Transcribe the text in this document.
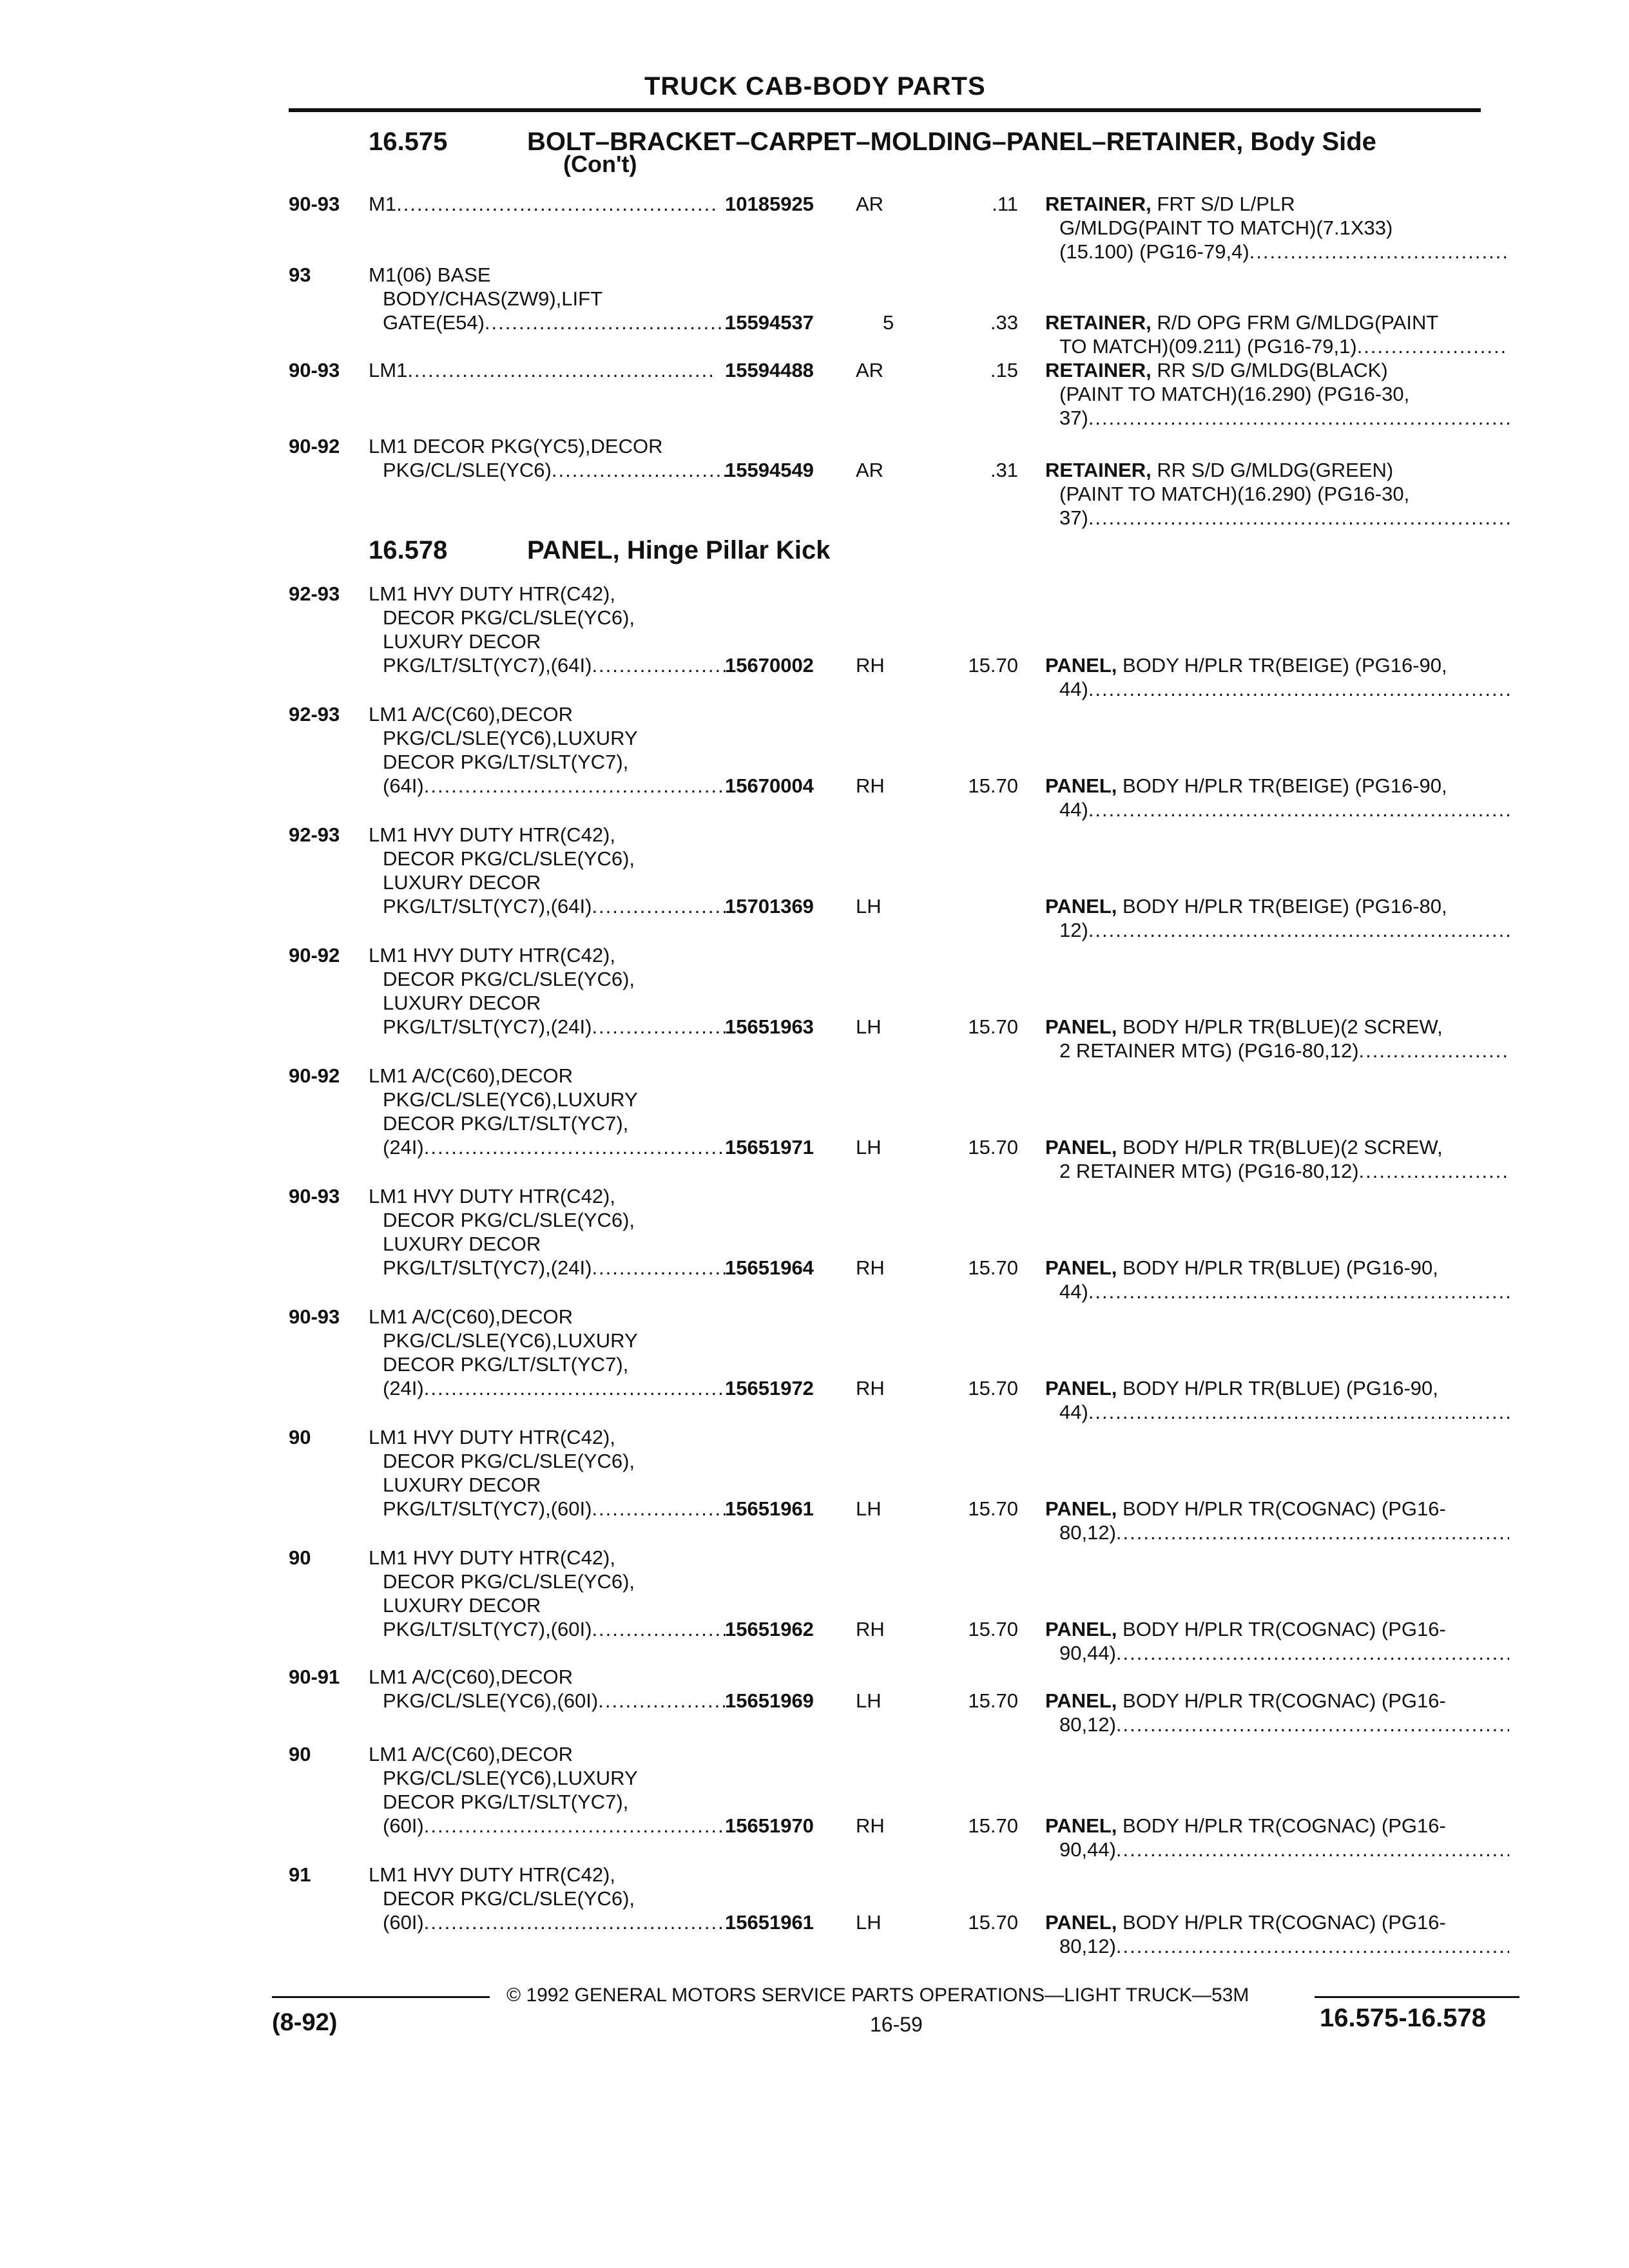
TRUCK CAB-BODY PARTS
16.575	BOLT–BRACKET–CARPET–MOLDING–PANEL–RETAINER, Body Side
(Con't)
16.578	PANEL, Hinge Pillar Kick
90-93 M1 .....	10185925 AR	.11 RETAINER, FRT S/D L/PLR
G/MLDG(PAINT TO MATCH)(7.1X33)
(15.100) (PG16-79,4)
.....
93	M1(06) BASE
BODY/CHAS(ZW9),LIFT
GATE(E54) .....	15594537	5	.33 RETAINER, R/D OPG FRM G/MLDG(PAINT
TO MATCH)(09.211) (PG16-79,1)
.....
90-93 LM1 .....	15594488 AR	.15 RETAINER, RR S/D G/MLDG(BLACK)
(PAINT TO MATCH)(16.290) (PG16-30,
37)
.....
90-92 LM1 DECOR PKG(YC5),DECOR
PKG/CL/SLE(YC6) .....	15594549 AR	.31 RETAINER, RR S/D G/MLDG(GREEN)
(PAINT TO MATCH)(16.290) (PG16-30,
37)
.....
92-93 LM1 HVY DUTY HTR(C42),
DECOR PKG/CL/SLE(YC6),
LUXURY DECOR
PKG/LT/SLT(YC7),(64I) .....	15670002 RH	15.70 PANEL, BODY H/PLR TR(BEIGE) (PG16-90,
44)
.....
92-93 LM1 A/C(C60),DECOR
PKG/CL/SLE(YC6),LUXURY
DECOR PKG/LT/SLT(YC7),
(64I) .....	15670004 RH	15.70 PANEL, BODY H/PLR TR(BEIGE) (PG16-90,
44)
.....
92-93 LM1 HVY DUTY HTR(C42),
DECOR PKG/CL/SLE(YC6),
LUXURY DECOR
PKG/LT/SLT(YC7),(64I) .....	15701369 LH	PANEL, BODY H/PLR TR(BEIGE) (PG16-80,
12)
.....
90-92 LM1 HVY DUTY HTR(C42),
DECOR PKG/CL/SLE(YC6),
LUXURY DECOR
PKG/LT/SLT(YC7),(24I) .....	15651963 LH	15.70 PANEL, BODY H/PLR TR(BLUE)(2 SCREW,
2 RETAINER MTG) (PG16-80,12)
.....
90-92 LM1 A/C(C60),DECOR
PKG/CL/SLE(YC6),LUXURY
DECOR PKG/LT/SLT(YC7),
(24I) .....	15651971 LH	15.70 PANEL, BODY H/PLR TR(BLUE)(2 SCREW,
2 RETAINER MTG) (PG16-80,12)
.....
90-93 LM1 HVY DUTY HTR(C42),
DECOR PKG/CL/SLE(YC6),
LUXURY DECOR
PKG/LT/SLT(YC7),(24I) .....	15651964 RH	15.70 PANEL, BODY H/PLR TR(BLUE) (PG16-90,
44)
.....
90-93 LM1 A/C(C60),DECOR
PKG/CL/SLE(YC6),LUXURY
DECOR PKG/LT/SLT(YC7),
(24I) .....	15651972 RH	15.70 PANEL, BODY H/PLR TR(BLUE) (PG16-90,
44)
.....
90	LM1 HVY DUTY HTR(C42),
DECOR PKG/CL/SLE(YC6),
LUXURY DECOR
PKG/LT/SLT(YC7),(60I) .....	15651961 LH	15.70 PANEL, BODY H/PLR TR(COGNAC) (PG16-
80,12)
.....
90	LM1 HVY DUTY HTR(C42),
DECOR PKG/CL/SLE(YC6),
LUXURY DECOR
PKG/LT/SLT(YC7),(60I) .....	15651962 RH	15.70 PANEL, BODY H/PLR TR(COGNAC) (PG16-
90,44)
.....
90-91 LM1 A/C(C60),DECOR
PKG/CL/SLE(YC6),(60I) .....	15651969 LH	15.70 PANEL, BODY H/PLR TR(COGNAC) (PG16-
80,12)
.....
90	LM1 A/C(C60),DECOR
PKG/CL/SLE(YC6),LUXURY
DECOR PKG/LT/SLT(YC7),
(60I) .....	15651970 RH	15.70 PANEL, BODY H/PLR TR(COGNAC) (PG16-
90,44)
.....
91	LM1 HVY DUTY HTR(C42),
DECOR PKG/CL/SLE(YC6),
(60I) .....	15651961 LH	15.70 PANEL, BODY H/PLR TR(COGNAC) (PG16-
80,12)
.....
© 1992 GENERAL MOTORS SERVICE PARTS OPERATIONS—LIGHT TRUCK—53M
(8-92)	16-59	16.575-16.578
